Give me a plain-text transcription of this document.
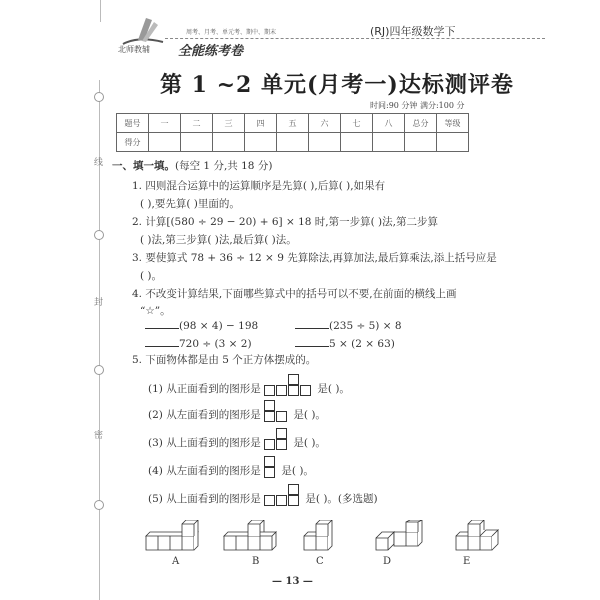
北师教辅
周考、月考、单元考、期中、期末	(RJ)四年级数学下
全能练考卷
第 1 ~2 单元(月考一)达标测评卷
时间:90 分钟 满分:100 分
题号	一	二	三	四	五	六	七	八	总分	等级
得分										
线
封
密
一、填一填。(每空 1 分,共 18 分)
1. 四则混合运算中的运算顺序是先算( ),后算( ),如果有
( ),要先算( )里面的。
2. 计算[(580 ÷ 29 − 20) + 6] × 18 时,第一步算( )法,第二步算
( )法,第三步算( )法,最后算( )法。
3. 要使算式 78 + 36 ÷ 12 × 9 先算除法,再算加法,最后算乘法,添上括号应是
( )。
4. 不改变计算结果,下面哪些算式中的括号可以不要,在前面的横线上画
“☆”。
(98 × 4) − 198	(235 ÷ 5) × 8
720 ÷ (3 × 2)	5 × (2 × 63)
5. 下面物体都是由 5 个正方体摆成的。
(1) 从正面看到的图形是	是( )。
(2) 从左面看到的图形是	是( )。
(3) 从上面看到的图形是	是( )。
(4) 从左面看到的图形是 是( )。
(5) 从上面看到的图形是	是( )。(多选题)
A	B	C	D	E
— 13 —
